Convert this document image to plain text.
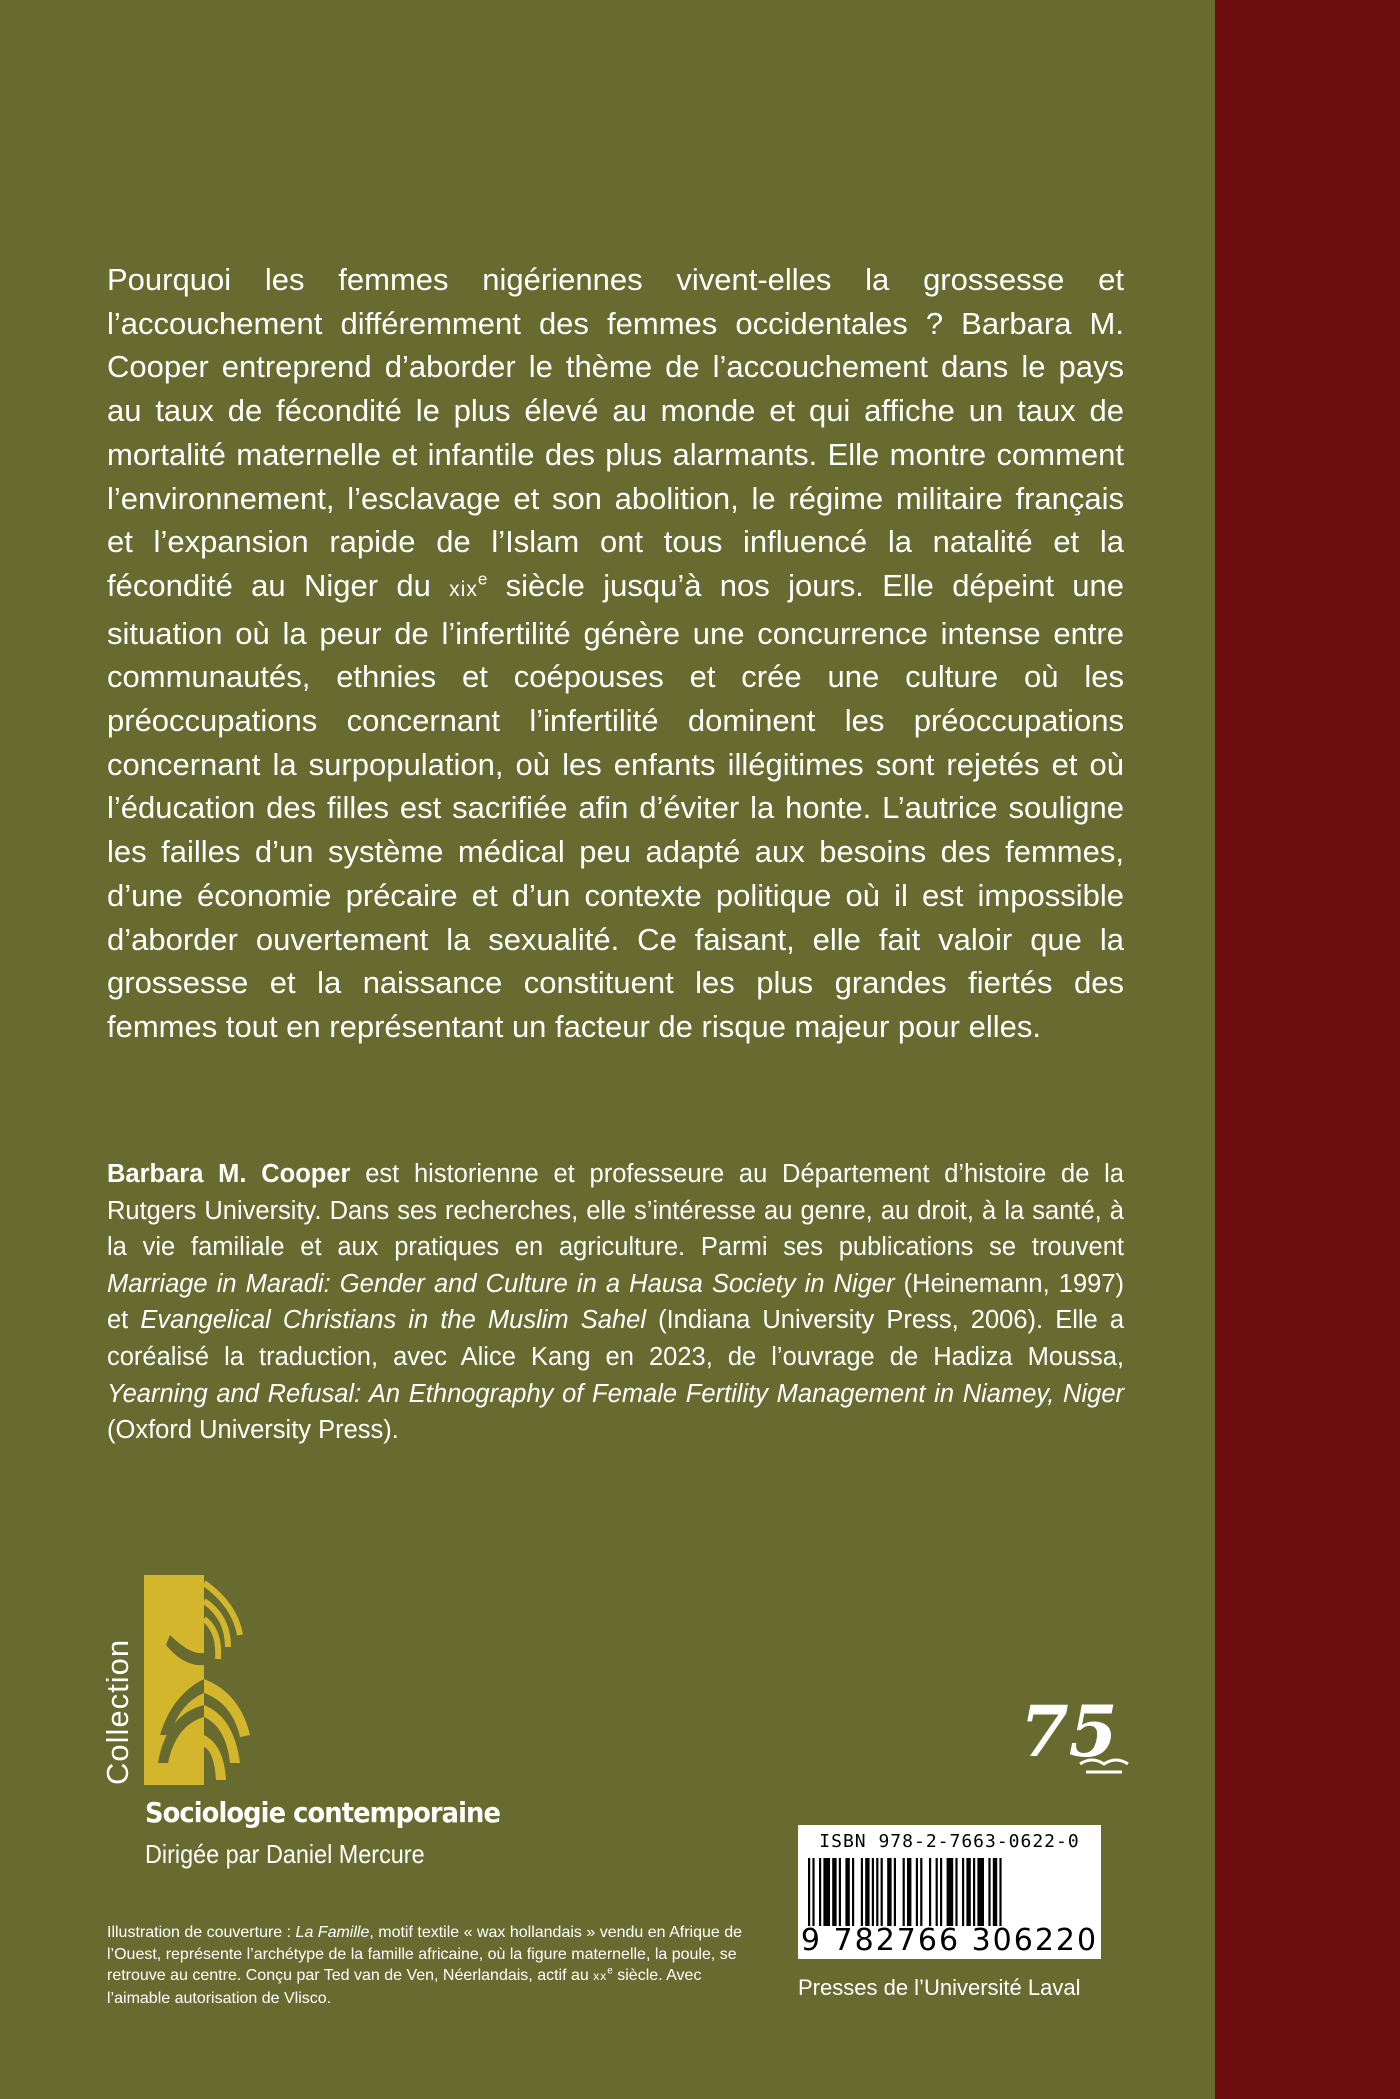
Pourquoi les femmes nigériennes vivent-elles la grossesse et l’accouchement différemment des femmes occidentales ? Barbara M. Cooper entreprend d’aborder le thème de l’accouchement dans le pays au taux de fécondité le plus élevé au monde et qui affiche un taux de mortalité maternelle et infantile des plus alarmants. Elle montre comment l’environnement, l’esclavage et son abolition, le régime militaire français et l’expansion rapide de l’Islam ont tous influencé la natalité et la fécondité au Niger du xix$^e$ siècle jusqu’à nos jours. Elle dépeint une situation où la peur de l’infertilité génère une concurrence intense entre communautés, ethnies et coépouses et crée une culture où les préoccupations concernant l’infertilité dominent les préoccupations concernant la surpopulation, où les enfants illégitimes sont rejetés et où l’éducation des filles est sacrifiée afin d’éviter la honte. L’autrice souligne les failles d’un système médical peu adapté aux besoins des femmes, d’une économie précaire et d’un contexte politique où il est impossible d’aborder ouvertement la sexualité. Ce faisant, elle fait valoir que la grossesse et la naissance constituent les plus grandes fiertés des femmes tout en représentant un facteur de risque majeur pour elles.

Barbara M. Cooper est historienne et professeure au Département d’histoire de la Rutgers University. Dans ses recherches, elle s’intéresse au genre, au droit, à la santé, à la vie familiale et aux pratiques en agriculture. Parmi ses publications se trouvent Marriage in Maradi: Gender and Culture in a Hausa Society in Niger (Heinemann, 1997) et Evangelical Christians in the Muslim Sahel (Indiana University Press, 2006). Elle a coréalisé la traduction, avec Alice Kang en 2023, de l’ouvrage de Hadiza Moussa, Yearning and Refusal: An Ethnography of Female Fertility Management in Niamey, Niger (Oxford University Press).

Collection
Sociologie contemporaine
Dirigée par Daniel Mercure

Illustration de couverture : La Famille, motif textile « wax hollandais » vendu en Afrique de l’Ouest, représente l’archétype de la famille africaine, où la figure maternelle, la poule, se retrouve au centre. Conçu par Ted van de Ven, Néerlandais, actif au $xx^e$ siècle. Avec l’aimable autorisation de Vlisco.

75
ISBN 978-2-7663-0622-0
9 782766 306220
Presses de l’Université Laval
